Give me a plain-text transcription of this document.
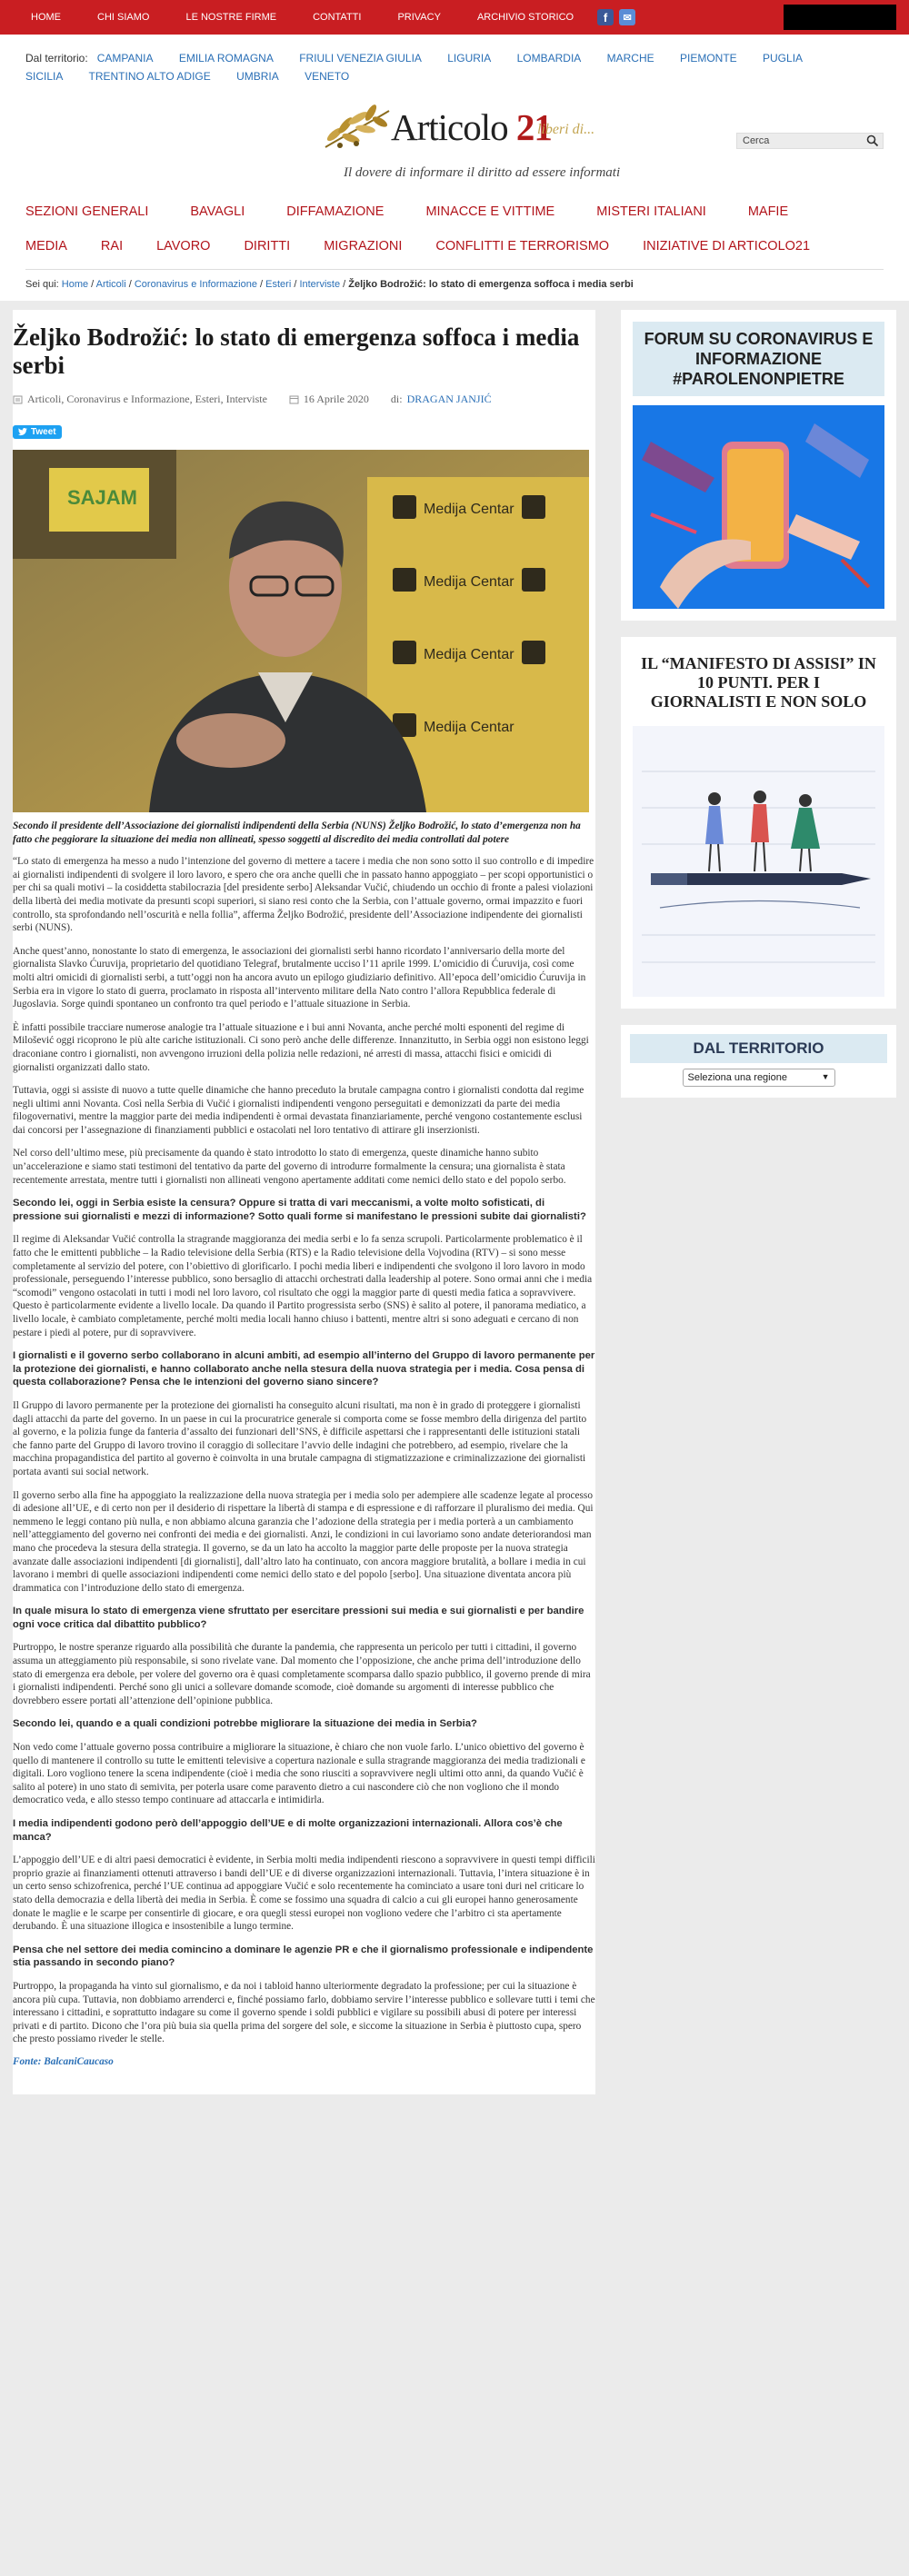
HOME	CHI SIAMO	LE NOSTRE FIRME	CONTATTI	PRIVACY	ARCHIVIO STORICO	f	✉
Dal territorio: CAMPANIA EMILIA ROMAGNA FRIULI VENEZIA GIULIA LIGURIA LOMBARDIA MARCHE PIEMONTE PUGLIA SICILIA TRENTINO ALTO ADIGE UMBRIA VENETO
Articolo 21
liberi di...
Il dovere di informare il diritto ad essere informati
Cerca
SEZIONI GENERALI	BAVAGLI	DIFFAMAZIONE	MINACCE E VITTIME	MISTERI ITALIANI	MAFIE
MEDIA	RAI	LAVORO	DIRITTI	MIGRAZIONI	CONFLITTI E TERRORISMO	INIZIATIVE DI ARTICOLO21
Sei qui: Home / Articoli / Coronavirus e Informazione / Esteri / Interviste / Željko Bodrožić: lo stato di emergenza soffoca i media serbi
Željko Bodrožić: lo stato di emergenza soffoca i media serbi
Articoli, Coronavirus e Informazione, Esteri, Interviste	16 Aprile 2020 di: DRAGAN JANJIĆ
Tweet
SAJAM
Medija Centar
Medija Centar
Medija Centar
Medija Centar

Secondo il presidente dell’Associazione dei giornalisti indipendenti della Serbia (NUNS) Željko Bodrožić, lo stato d’emergenza non ha fatto che peggiorare la situazione dei media non allineati, spesso soggetti al discredito dei media controllati dal potere

“Lo stato di emergenza ha messo a nudo l’intenzione del governo di mettere a tacere i media che non sono sotto il suo controllo e di impedire ai giornalisti indipendenti di svolgere il loro lavoro, e spero che ora anche quelli che in passato hanno appoggiato – per scopi opportunistici o per chi sa quali motivi – la cosiddetta stabilocrazia [del presidente serbo] Aleksandar Vučić, chiudendo un occhio di fronte a palesi violazioni della libertà dei media motivate da presunti scopi superiori, si siano resi conto che la Serbia, con l’attuale governo, ormai impazzito e fuori controllo, sta sprofondando nell’oscurità e nella follia”, afferma Željko Bodrožić, presidente dell’Associazione indipendente dei giornalisti serbi (NUNS).

Anche quest’anno, nonostante lo stato di emergenza, le associazioni dei giornalisti serbi hanno ricordato l’anniversario della morte del giornalista Slavko Ćuruvija, proprietario del quotidiano Telegraf, brutalmente ucciso l’11 aprile 1999. L’omicidio di Ćuruvija, così come molti altri omicidi di giornalisti serbi, a tutt’oggi non ha ancora avuto un epilogo giudiziario definitivo. All’epoca dell’omicidio Ćuruvija in Serbia era in vigore lo stato di guerra, proclamato in risposta all’intervento militare della Nato contro l’allora Repubblica federale di Jugoslavia. Sorge quindi spontaneo un confronto tra quel periodo e l’attuale situazione in Serbia.

È infatti possibile tracciare numerose analogie tra l’attuale situazione e i bui anni Novanta, anche perché molti esponenti del regime di Milošević oggi ricoprono le più alte cariche istituzionali. Ci sono però anche delle differenze. Innanzitutto, in Serbia oggi non esistono leggi draconiane contro i giornalisti, non avvengono irruzioni della polizia nelle redazioni, né arresti di massa, attacchi fisici e omicidi di giornalisti organizzati dallo stato.

Tuttavia, oggi si assiste di nuovo a tutte quelle dinamiche che hanno preceduto la brutale campagna contro i giornalisti condotta dal regime negli ultimi anni Novanta. Così nella Serbia di Vučić i giornalisti indipendenti vengono perseguitati e demonizzati da parte dei media filogovernativi, mentre la maggior parte dei media indipendenti è ormai devastata finanziariamente, perché vengono costantemente esclusi dai concorsi per l’assegnazione di finanziamenti pubblici e ostacolati nel loro tentativo di attirare gli inserzionisti.

Nel corso dell’ultimo mese, più precisamente da quando è stato introdotto lo stato di emergenza, queste dinamiche hanno subito un’accelerazione e siamo stati testimoni del tentativo da parte del governo di introdurre formalmente la censura; una giornalista è stata recentemente arrestata, mentre tutti i giornalisti non allineati vengono apertamente additati come nemici dello stato e del popolo serbo.

Secondo lei, oggi in Serbia esiste la censura? Oppure si tratta di vari meccanismi, a volte molto sofisticati, di pressione sui giornalisti e mezzi di informazione? Sotto quali forme si manifestano le pressioni subite dai giornalisti?

Il regime di Aleksandar Vučić controlla la stragrande maggioranza dei media serbi e lo fa senza scrupoli. Particolarmente problematico è il fatto che le emittenti pubbliche – la Radio televisione della Serbia (RTS) e la Radio televisione della Vojvodina (RTV) – si sono messe completamente al servizio del potere, con l’obiettivo di glorificarlo. I pochi media liberi e indipendenti che svolgono il loro lavoro in modo professionale, perseguendo l’interesse pubblico, sono bersaglio di attacchi orchestrati dalla leadership al potere. Sono ormai anni che i media “scomodi” vengono ostacolati in tutti i modi nel loro lavoro, col risultato che oggi la maggior parte di questi media fatica a sopravvivere. Questo è particolarmente evidente a livello locale. Da quando il Partito progressista serbo (SNS) è salito al potere, il panorama mediatico, a livello locale, è cambiato completamente, perché molti media locali hanno chiuso i battenti, mentre altri si sono adeguati e cercano di non pestare i piedi al potere, pur di sopravvivere.

I giornalisti e il governo serbo collaborano in alcuni ambiti, ad esempio all’interno del Gruppo di lavoro permanente per la protezione dei giornalisti, e hanno collaborato anche nella stesura della nuova strategia per i media. Cosa pensa di questa collaborazione? Pensa che le intenzioni del governo siano sincere?

Il Gruppo di lavoro permanente per la protezione dei giornalisti ha conseguito alcuni risultati, ma non è in grado di proteggere i giornalisti dagli attacchi da parte del governo. In un paese in cui la procuratrice generale si comporta come se fosse membro della dirigenza del partito al governo, e la polizia funge da fanteria d’assalto dei funzionari dell’SNS, è difficile aspettarsi che i rappresentanti delle istituzioni statali che fanno parte del Gruppo di lavoro trovino il coraggio di sollecitare l’avvio delle indagini che potrebbero, ad esempio, rivelare che la macchina propagandistica del partito al governo è coinvolta in una brutale campagna di stigmatizzazione e criminalizzazione dei giornalisti portata avanti sui social network.

Il governo serbo alla fine ha appoggiato la realizzazione della nuova strategia per i media solo per adempiere alle scadenze legate al processo di adesione all’UE, e di certo non per il desiderio di rispettare la libertà di stampa e di espressione e di rafforzare il pluralismo dei media. Qui nemmeno le leggi contano più nulla, e non abbiamo alcuna garanzia che l’adozione della strategia per i media porterà a un cambiamento nell’atteggiamento del governo nei confronti dei media e dei giornalisti. Anzi, le condizioni in cui lavoriamo sono andate deteriorandosi man mano che procedeva la stesura della strategia. Il governo, se da un lato ha accolto la maggior parte delle proposte per la nuova strategia avanzate dalle associazioni indipendenti [di giornalisti], dall’altro lato ha continuato, con ancora maggiore brutalità, a bollare i media in cui lavorano i membri di quelle associazioni indipendenti come nemici dello stato e del popolo [serbo]. Una situazione diventata ancora più drammatica con l’introduzione dello stato di emergenza.

In quale misura lo stato di emergenza viene sfruttato per esercitare pressioni sui media e sui giornalisti e per bandire ogni voce critica dal dibattito pubblico?

Purtroppo, le nostre speranze riguardo alla possibilità che durante la pandemia, che rappresenta un pericolo per tutti i cittadini, il governo assuma un atteggiamento più responsabile, si sono rivelate vane. Dal momento che l’opposizione, che anche prima dell’introduzione dello stato di emergenza era debole, per volere del governo ora è quasi completamente scomparsa dallo spazio pubblico, il governo prende di mira i giornalisti indipendenti. Perché sono gli unici a sollevare domande scomode, cioè domande su argomenti di interesse pubblico che dovrebbero essere portati all’attenzione dell’opinione pubblica.

Secondo lei, quando e a quali condizioni potrebbe migliorare la situazione dei media in Serbia?

Non vedo come l’attuale governo possa contribuire a migliorare la situazione, è chiaro che non vuole farlo. L’unico obiettivo del governo è quello di mantenere il controllo su tutte le emittenti televisive a copertura nazionale e sulla stragrande maggioranza dei media tradizionali e digitali. Loro vogliono tenere la scena indipendente (cioè i media che sono riusciti a sopravvivere negli ultimi otto anni, da quando Vučić è salito al potere) in uno stato di semivita, per poterla usare come paravento dietro a cui nascondere ciò che non vogliono che il mondo democratico veda, e allo stesso tempo continuare ad attaccarla e intimidirla.

I media indipendenti godono però dell’appoggio dell’UE e di molte organizzazioni internazionali. Allora cos’è che manca?

L’appoggio dell’UE e di altri paesi democratici è evidente, in Serbia molti media indipendenti riescono a sopravvivere in questi tempi difficili proprio grazie ai finanziamenti ottenuti attraverso i bandi dell’UE e di diverse organizzazioni internazionali. Tuttavia, l’intera situazione è in un certo senso schizofrenica, perché l’UE continua ad appoggiare Vučić e solo recentemente ha cominciato a usare toni duri nel criticare lo stato della democrazia e della libertà dei media in Serbia. È come se fossimo una squadra di calcio a cui gli europei hanno generosamente donate le maglie e le scarpe per consentirle di giocare, e ora quegli stessi europei non vogliono vedere che l’arbitro ci sta apertamente derubando. È una situazione illogica e insostenibile a lungo termine.

Pensa che nel settore dei media comincino a dominare le agenzie PR e che il giornalismo professionale e indipendente stia passando in secondo piano?

Purtroppo, la propaganda ha vinto sul giornalismo, e da noi i tabloid hanno ulteriormente degradato la professione; per cui la situazione è ancora più cupa. Tuttavia, non dobbiamo arrenderci e, finché possiamo farlo, dobbiamo servire l’interesse pubblico e sollevare tutti i temi che interessano i cittadini, e soprattutto indagare su come il governo spende i soldi pubblici e vigilare su possibili abusi di potere per interessi privati e di partito. Dicono che l’ora più buia sia quella prima del sorgere del sole, e siccome la situazione in Serbia è piuttosto cupa, spero che presto possiamo riveder le stelle.

Fonte: BalcaniCaucaso
FORUM SU CORONAVIRUS E INFORMAZIONE #PAROLENONPIETRE
IL “MANIFESTO DI ASSISI” IN 10 PUNTI. PER I GIORNALISTI E NON SOLO
DAL TERRITORIO
Seleziona una regione	▼
